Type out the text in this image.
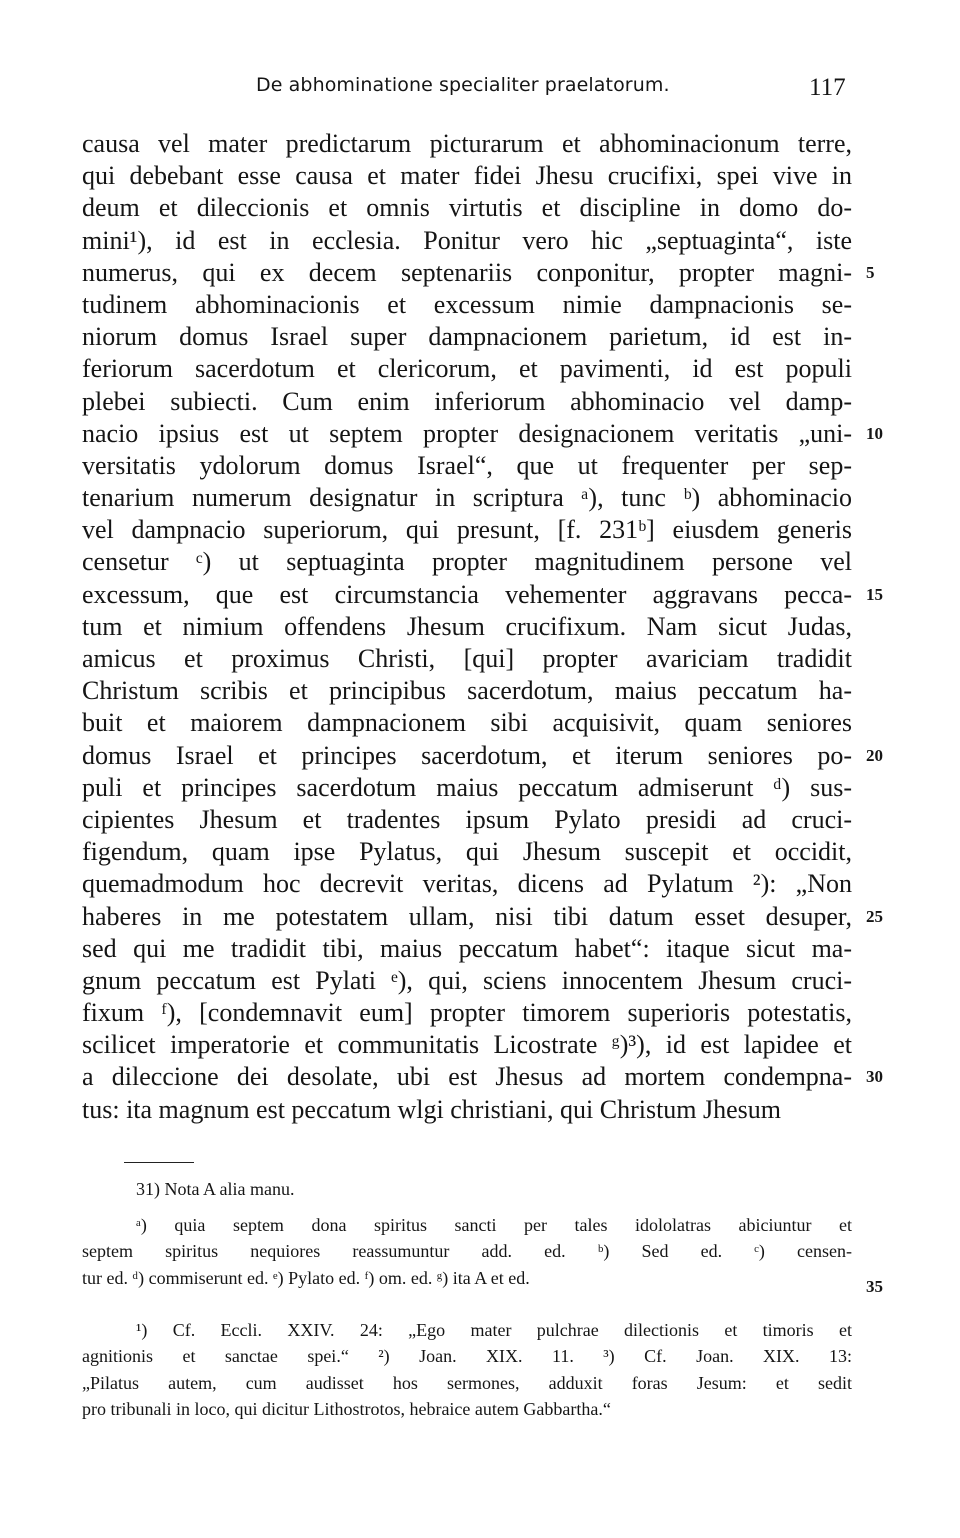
De abhominatione specialiter praelatorum.	117
causa vel mater predictarum picturarum et abhominacionum terre,
qui debebant esse causa et mater fidei Jhesu crucifixi, spei vive in
deum et dileccionis et omnis virtutis et discipline in domo do-
mini¹), id est in ecclesia. Ponitur vero hic „septuaginta“, iste
numerus, qui ex decem septenariis conponitur, propter magni- 5
tudinem abhominacionis et excessum nimie dampnacionis se-
niorum domus Israel super dampnacionem parietum, id est in-
feriorum sacerdotum et clericorum, et pavimenti, id est populi
plebei subiecti. Cum enim inferiorum abhominacio vel damp-
nacio ipsius est ut septem propter designacionem veritatis „uni- 10
versitatis ydolorum domus Israel“, que ut frequenter per sep-
tenarium numerum designatur in scriptura ᵃ), tunc ᵇ) abhominacio
vel dampnacio superiorum, qui presunt, [f. 231ᵇ] eiusdem generis
censetur ᶜ) ut septuaginta propter magnitudinem persone vel
excessum, que est circumstancia vehementer aggravans pecca- 15
tum et nimium offendens Jhesum crucifixum. Nam sicut Judas,
amicus et proximus Christi, [qui] propter avariciam tradidit
Christum scribis et principibus sacerdotum, maius peccatum ha-
buit et maiorem dampnacionem sibi acquisivit, quam seniores
domus Israel et principes sacerdotum, et iterum seniores po- 20
puli et principes sacerdotum maius peccatum admiserunt ᵈ) sus-
cipientes Jhesum et tradentes ipsum Pylato presidi ad cruci-
figendum, quam ipse Pylatus, qui Jhesum suscepit et occidit,
quemadmodum hoc decrevit veritas, dicens ad Pylatum ²): „Non
haberes in me potestatem ullam, nisi tibi datum esset desuper, 25
sed qui me tradidit tibi, maius peccatum habet“: itaque sicut ma-
gnum peccatum est Pylati ᵉ), qui, sciens innocentem Jhesum cruci-
fixum ᶠ), [condemnavit eum] propter timorem superioris potestatis,
scilicet imperatorie et communitatis Licostrate ᵍ)³), id est lapidee et
a dileccione dei desolate, ubi est Jhesus ad mortem condempna- 30
tus: ita magnum est peccatum wlgi christiani, qui Christum Jhesum
31) Nota A alia manu.
ᵃ) quia septem dona spiritus sancti per tales idololatras abiciuntur et
septem spiritus nequiores reassumuntur add. ed. ᵇ) Sed ed. ᶜ) censen-
tur ed. ᵈ) commiserunt ed. ᵉ) Pylato ed. ᶠ) om. ed. ᵍ) ita A et ed.	35
¹) Cf. Eccli. XXIV. 24: „Ego mater pulchrae dilectionis et timoris et
agnitionis et sanctae spei.“ ²) Joan. XIX. 11. ³) Cf. Joan. XIX. 13:
„Pilatus autem, cum audisset hos sermones, adduxit foras Jesum: et sedit
pro tribunali in loco, qui dicitur Lithostrotos, hebraice autem Gabbartha.“
